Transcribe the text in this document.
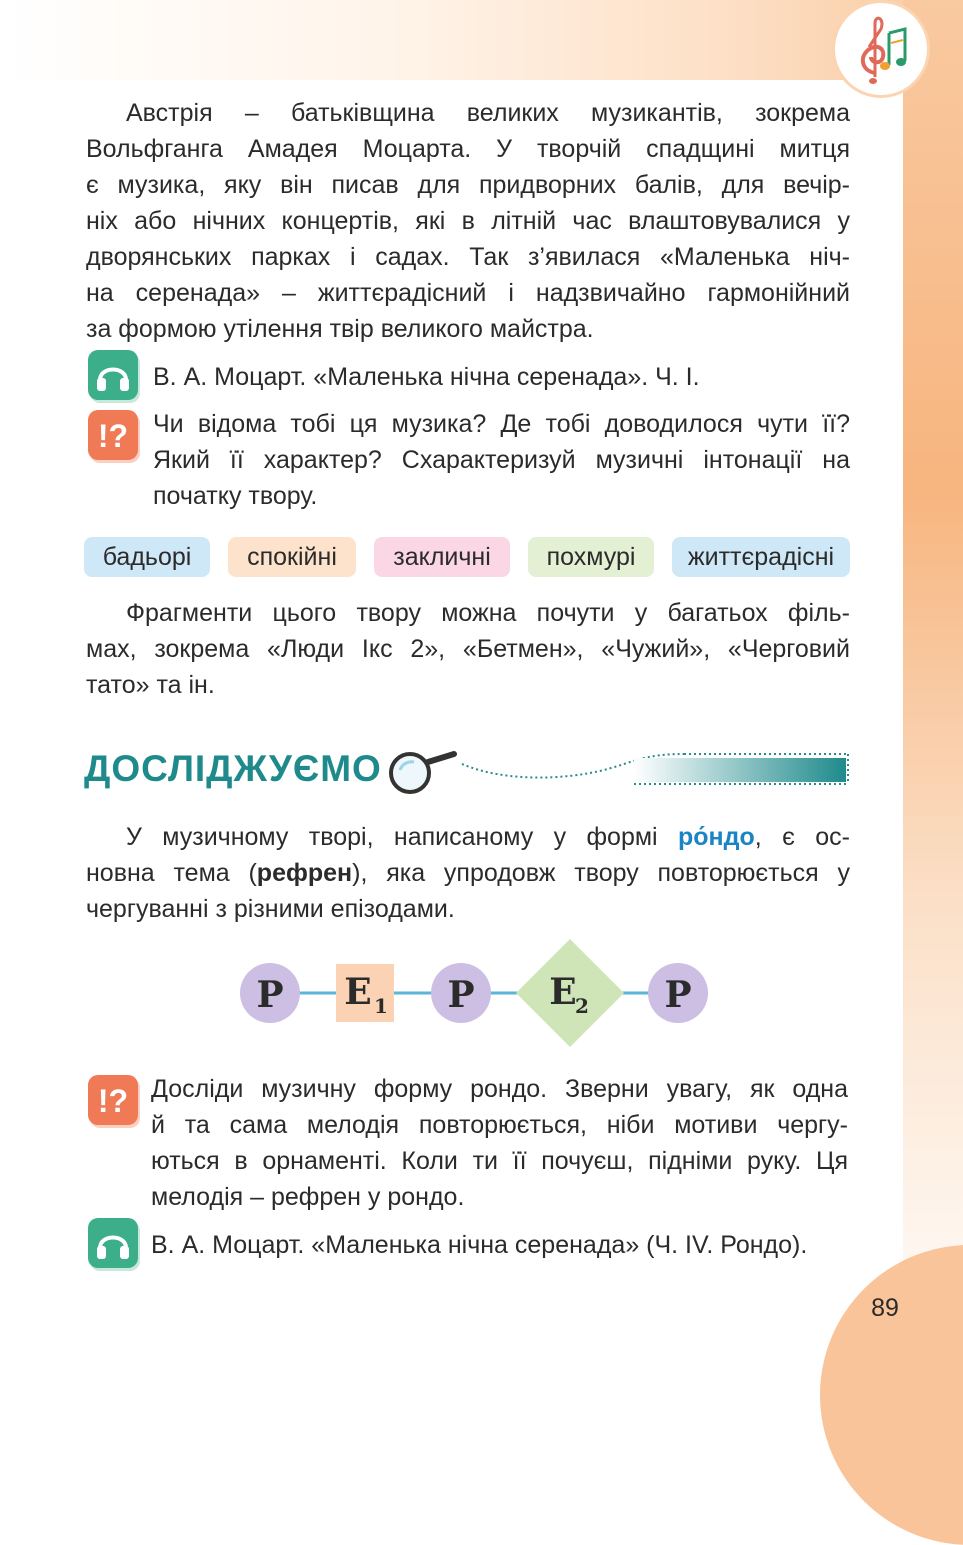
Австрія – батьківщина великих музикантів, зокрема
Вольфганга Амадея Моцарта. У творчій спадщині митця
є музика, яку він писав для придворних балів, для вечір-
ніх або нічних концертів, які в літній час влаштовувалися у
дворянських парках і садах. Так з’явилася «Маленька ніч-
на серенада» – життєрадісний і надзвичайно гармонійний
за формою утілення твір великого майстра.
В. А. Моцарт. «Маленька нічна серенада». Ч. І.
!? Чи відома тобі ця музика? Де тобі доводилося чути її?
Який її характер? Схарактеризуй музичні інтонації на
початку твору.
бадьорі	спокійні	закличні	похмурі	життєрадісні
Фрагменти цього твору можна почути у багатьох філь-
мах, зокрема «Люди Ікс 2», «Бетмен», «Чужий», «Черговий
тато» та ін.
ДОСЛІДЖУЄМО
У музичному творі, написаному у формі ро́ндо, є ос-
новна тема (рефрен), яка упродовж твору повторюється у
чергуванні з різними епізодами.
Р Е 1 Р Е
2 Р
!? Досліди музичну форму рондо. Зверни увагу, як одна
й та сама мелодія повторюється, ніби мотиви чергу-
ються в орнаменті. Коли ти її почуєш, підніми руку. Ця
мелодія – рефрен у рондо.
В. А. Моцарт. «Маленька нічна серенада» (Ч. IV. Рондо).
89
